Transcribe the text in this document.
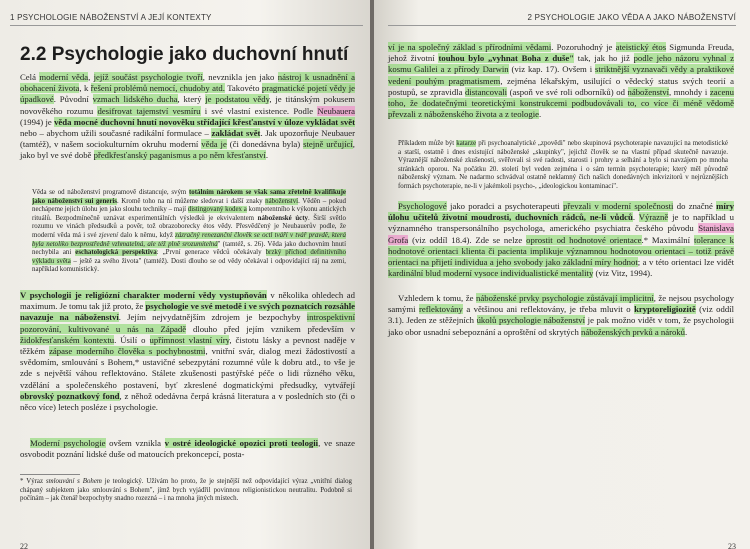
1 PSYCHOLOGIE NÁBOŽENSTVÍ A JEJÍ KONTEXTY
2.2 Psychologie jako duchovní hnutí

Celá moderní věda, jejíž součást psychologie tvoří, nevznikla jen jako nástroj k usnadnění a obohacení života, k řešení problémů nemocí, chudoby atd. Takovéto pragmatické pojetí vědy je úpadkové. Původní vzmach lidského ducha, který je podstatou vědy, je titánským pokusem novověkého rozumu desifrovat tajemství vesmíru i své vlastní existence. Podle Neubauera (1994) je věda mocné duchovní hnutí novověku střídající křesťanství v úloze vykládat svět nebo – abychom užili současné radikální formulace – zakládat svět. Jak upozorňuje Neubauer (tamtéž), v našem sociokulturním okruhu moderní věda je (či donedávna byla) stejně určující, jako byl ve své době předkřesťanský paganismus a po něm křesťanství.

Věda se od náboženství programově distancuje, svým totálním nárokem se však sama zřetelně kvalifikuje jako náboženství sui generis. Kromě toho na ní můžeme sledovat i další znaky náboženství. Věděn – pokud nechápeme jejich úlohu jen jako slouhu techniky – mají distingovaný kodex a kompetentního k výkonu antických rituálů. Bezpodmínečně uznávat experimentálních výsledků je ekvivalentem náboženské úcty. Širší světlo rozumu ve vinách předsudků a pověr, tož obrazoborecky étos vědy. Přesvědčený je Neubauerův podle, že moderní věda má i své zjevení dalo k němu, když zázračný renezanční člověk se octl tváří v tvář pravdě, která byla netoliko bezprostředně vzhmatelná, ale též plně srozumitelná" (tamtéž, s. 26). Věda jako duchovním hnutí nechybila ani eschatologická perspektiva: „První generace vědců očekávaly brzký příchod definitivního výkladu světa – ještě za svého života" (tamtéž). Dosti dlouho se od vědy očekával i odpovídající ráj na zemi, například komunistický.

V psychologii je religiózní charakter moderní vědy vystupňován v několika ohledech ad maximum. Je tomu tak již proto, že psychologie ve své metodě i ve svých poznatcích rozsáhle navazuje na náboženství. Jejím nejvydatnějším zdrojem je bezpochyby introspektivní pozorování, kultivované u nás na Západě dlouho před jejím vznikem především v židokřesťanském kontextu. Úsilí o upřímnost vlastní víry, čistotu lásky a pevnost naděje v těžkém zápase moderního člověka s pochybnostmi, vnitřní svár, dialog mezi žádostivostí a svědomím, smlouvání s Bohem,* ustavičné sebezpytání rozumné vůle k dobru atd., to vše je zde s největší váhou reflektováno. Stálete zkušenosti pastýřské péče o lidi různého věku, vzdělání a společenského postavení, byť zkreslené dogmatickými předsudky, vytvářejí obrovský poznatkový fond, z něhož odedávna čerpá krásná literatura a v posledních sto (či o něco více) letech posléze i psychologie.

Moderní psychologie ovšem vznikla v ostré ideologické opozici proti teologii, ve snaze osvobodit poznání lidské duše od matoucích prekoncepcí, posta-

* Výraz smlouvání s Bohem je teologický. Užívám ho proto, že je stejnější než odpovídající výraz „vnitřní dialog chápaný subjektem jako smlouvání s Bohem", jímž bych vyjádřil povinnou religionistickou neutralitu. Podobně si počínám – jak čtenář bezpochyby snadno rozezná – i na mnoha jiných místech.

22
2 PSYCHOLOGIE JAKO VĚDA A JAKO NÁBOŽENSTVÍ

ví je na společný základ s přírodními vědami. Pozoruhodný je ateistický étos Sigmunda Freuda, jehož životní touhou bylo „vyhnat Boha z duše" tak, jak ho již podle jeho názoru vyhnal z kosmu Galilei a z přírody Darwin (viz kap. 17). Ovšem i striktnější vyznavači vědy a praktikové vedení pouhým pragmatismem, zejména lékařským, usilující o vědecký status svých teorií a postupů, se zpravidla distancovali (aspoň ve své roli odborníků) od náboženství, mnohdy i zacenu toho, že dodatečnými teoretickými konstrukcemi podbudovávali to, co více či méně vědomě převzali z náboženského života a z teologie.

Příkladem může být katarze při psychoanalytické „zpovědi" nebo skupinová psychoterapie navazující na metodistické a starší, ostatně i dnes existující náboženské „skupinky", jejichž člověk se na vlastní případ skutečně navazuje. Výraznější náboženské zkušenosti, svěřovali si své radosti, starosti i prohry a selhání a bylo si navzájem po mnoha stránkách oporou. Na počátku 20. století byl veden zejména i o sám termín psychoterapie; který měl původně náboženský význam. Ne nadarmo schvádval ostatně neklamný čich našich donedávných inkvizitorů v nejrůznějších formách psychoterapie, ne-li v jakémkoli psycho-, „ideologickou kontaminaci".

Psychologové jako poradci a psychoterapeuti převzali v moderní společnosti do značné míry úlohu učitelů životní moudrosti, duchovních rádců, ne-li vůdců. Výrazně je to například u významného transpersonálního psychologa, amerického psychiatra českého původu Stanislava Grofa (viz oddíl 18.4). Zde se nelze oprostit od hodnotové orientace.* Maximální tolerance k hodnotové orientaci klienta či pacienta implikuje významnou hodnotovou orientaci – totiž právě orientaci na přijetí individua a jeho svobody jako základní míry hodnot; a v této orientaci lze vidět kardinální blud moderní vysoce individualistické mentality (viz Vitz, 1994).

Vzhledem k tomu, že náboženské prvky psychologie zůstávají implicitní, že nejsou psychology samými reflektovány a většinou ani reflektovány, je třeba mluvit o kryptoreligiozitě (viz oddíl 3.1). Jeden ze stěžejních úkolů psychologie náboženství je pak možno vidět v tom, že psychologii jako obor usnadní sebepoznání a oproštění od skrytých náboženských prvků a nároků.

23
